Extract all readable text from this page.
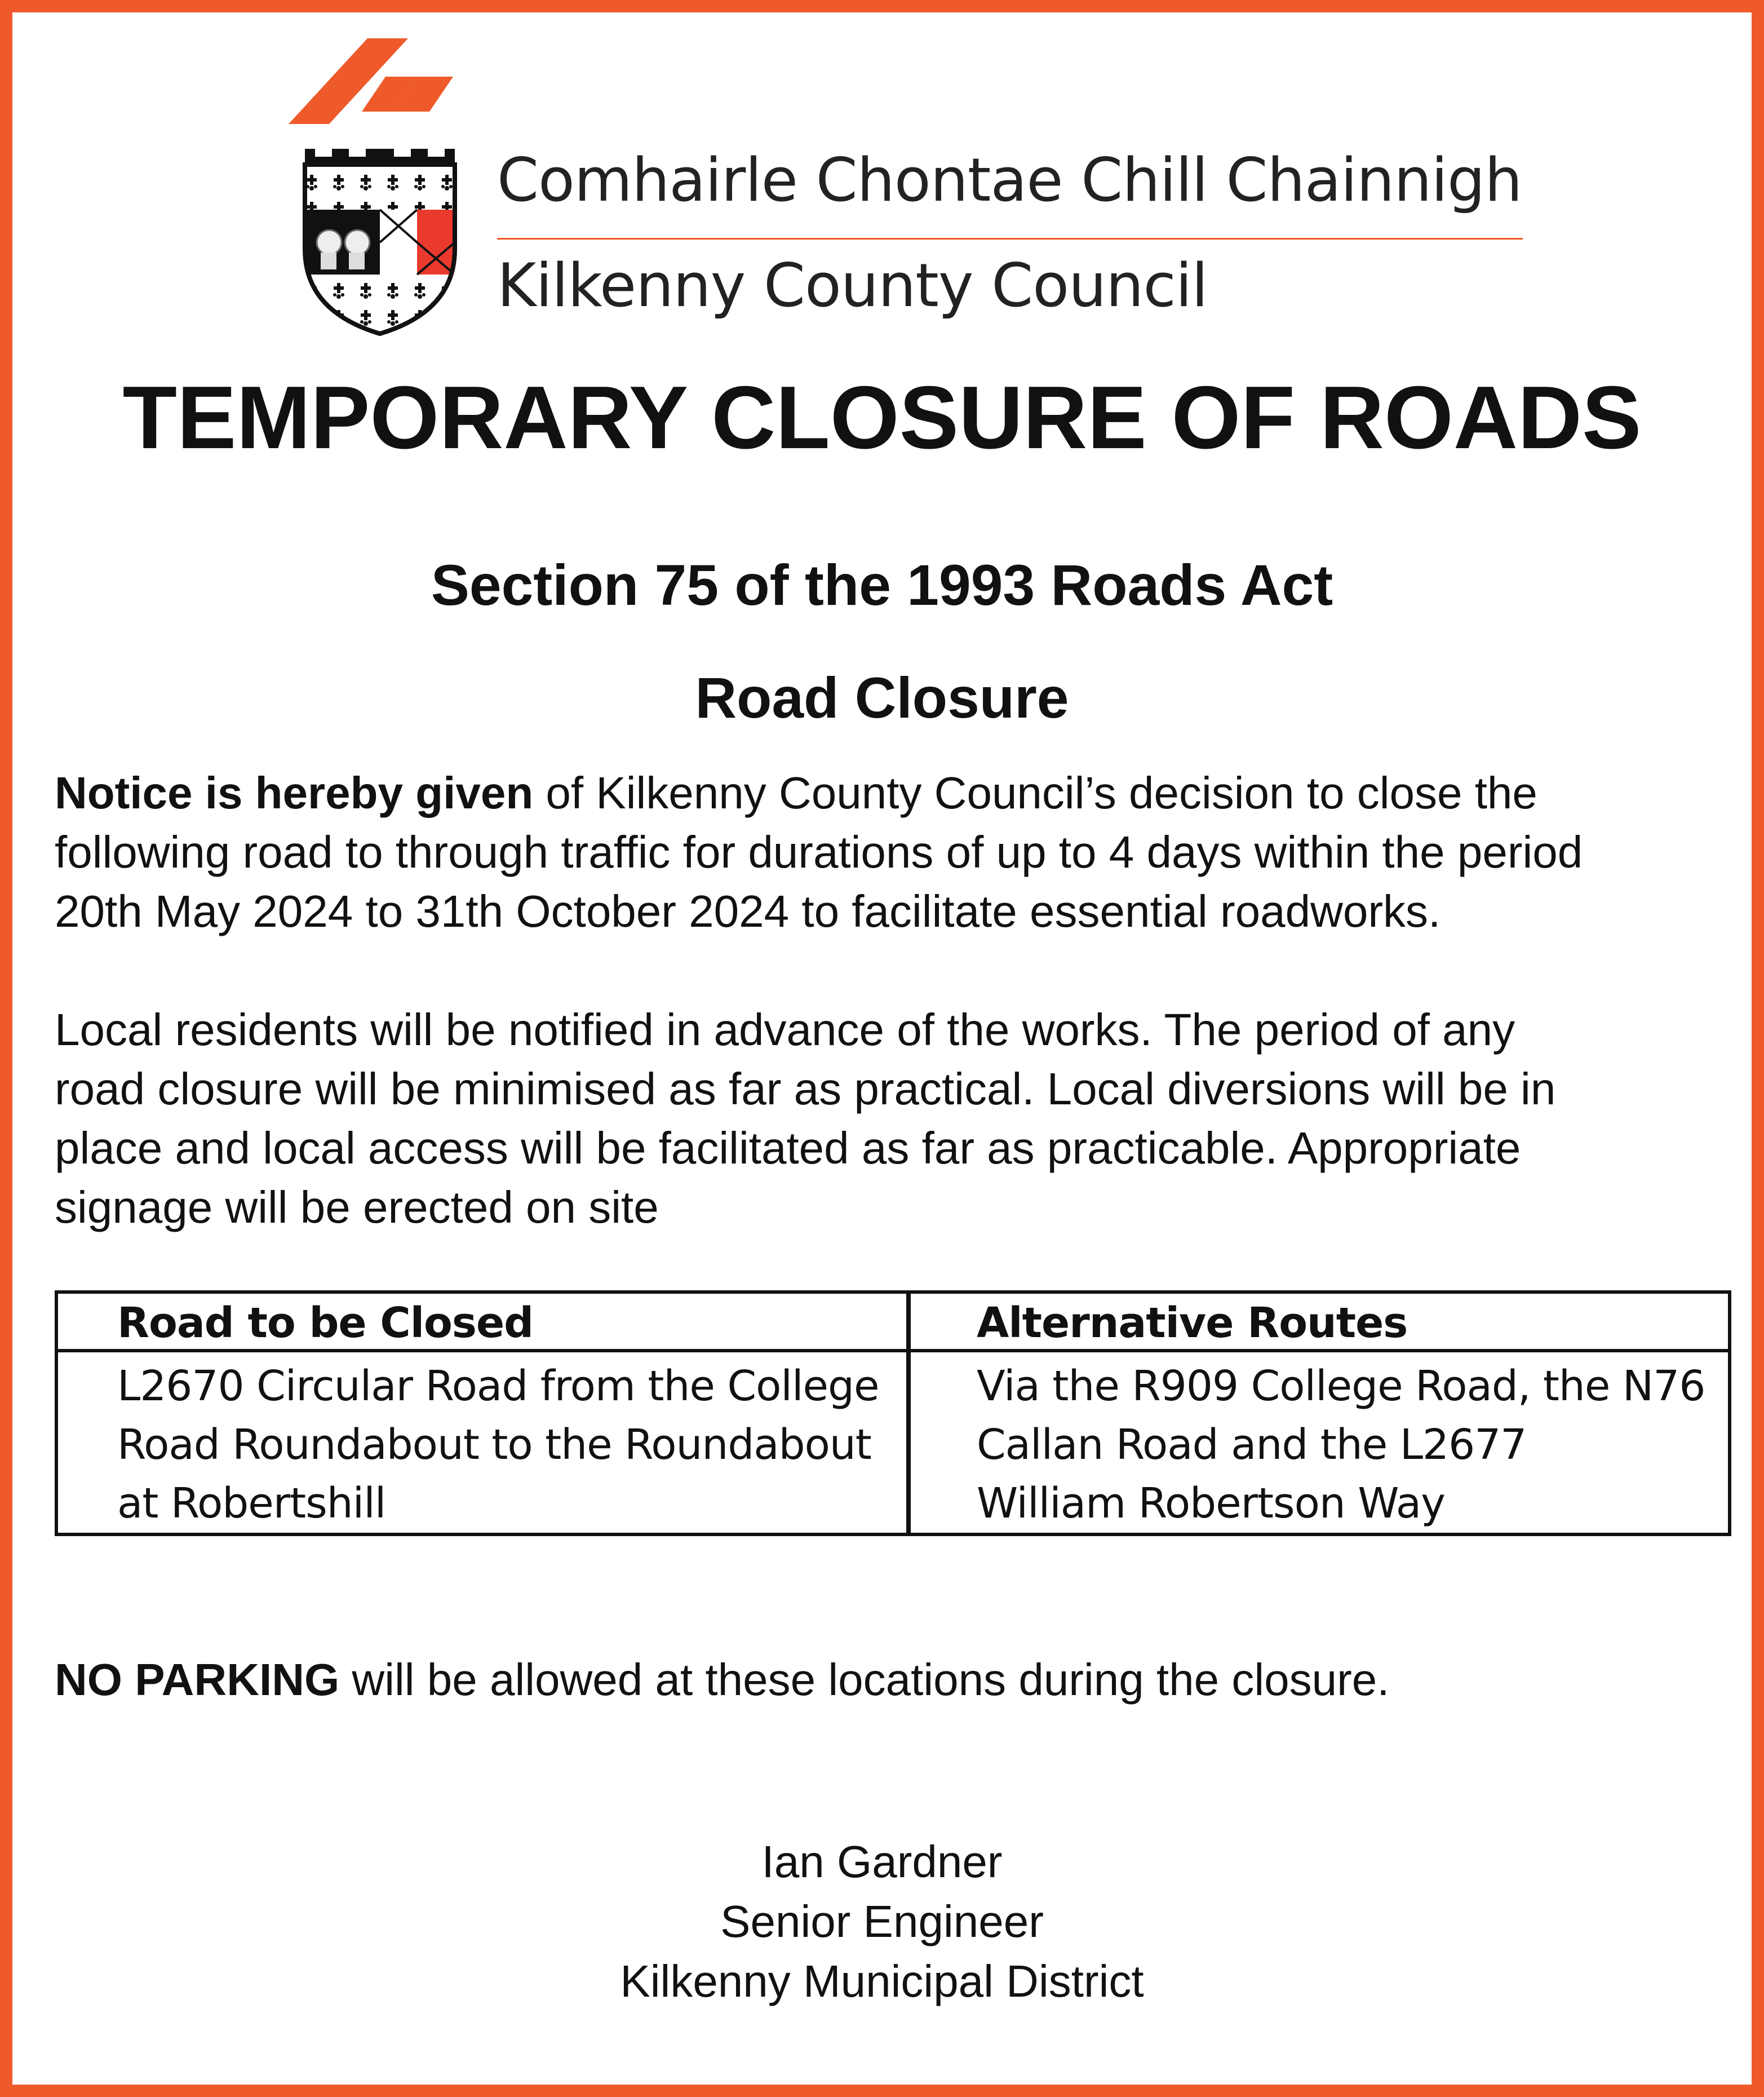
Comhairle Chontae Chill Chainnigh
Kilkenny County Council
TEMPORARY CLOSURE OF ROADS
Section 75 of the 1993 Roads Act
Road Closure
Notice is hereby given of Kilkenny County Council’s decision to close the
following road to through traffic for durations of up to 4 days within the period
20th May 2024 to 31th October 2024 to facilitate essential roadworks.
Local residents will be notified in advance of the works. The period of any
road closure will be minimised as far as practical. Local diversions will be in
place and local access will be facilitated as far as practicable. Appropriate
signage will be erected on site
Road to be Closed	Alternative Routes
L2670 Circular Road from the College
Road Roundabout to the Roundabout
at Robertshill
Via the R909 College Road, the N76
Callan Road and the L2677
William Robertson Way
NO PARKING will be allowed at these locations during the closure.
Ian Gardner
Senior Engineer
Kilkenny Municipal District
